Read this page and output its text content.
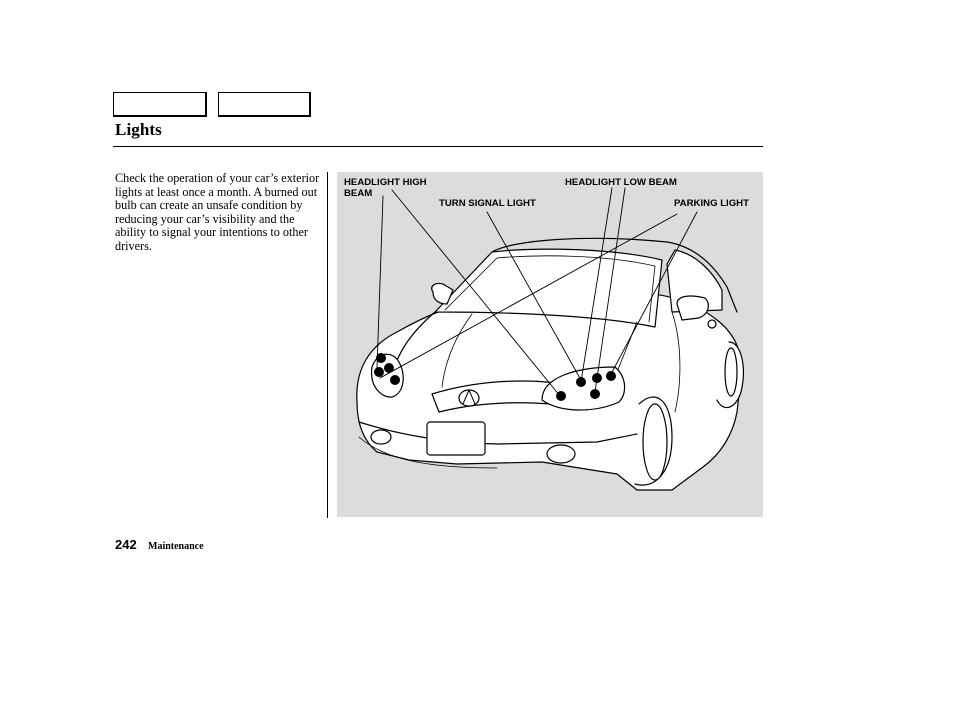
Lights
Check the operation of your car’s exterior lights at least once a month. A burned out bulb can create an unsafe condition by reducing your car’s visibility and the ability to signal your intentions to other drivers.
HEADLIGHT HIGH
BEAM
TURN SIGNAL LIGHT
HEADLIGHT LOW BEAM
PARKING LIGHT
242 Maintenance
